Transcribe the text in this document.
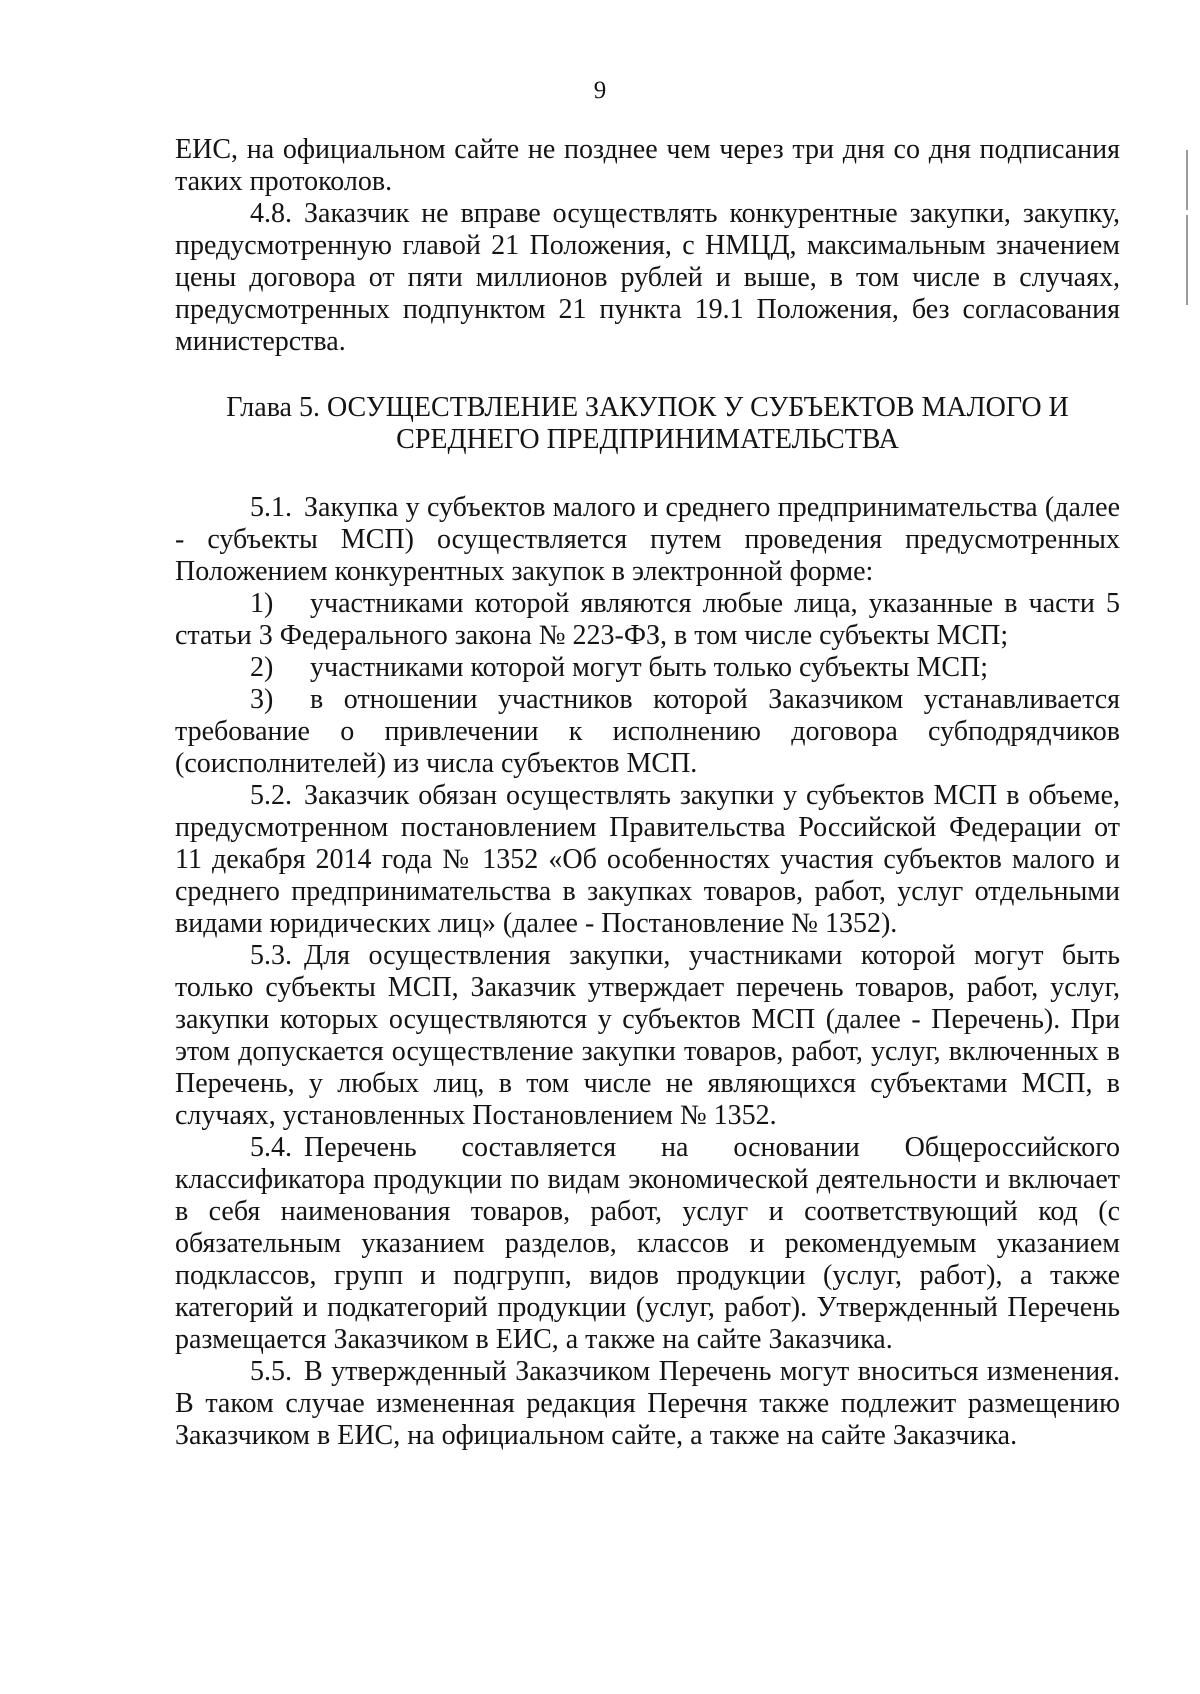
9

ЕИС, на официальном сайте не позднее чем через три дня со дня подписания таких протоколов.

4.8. Заказчик не вправе осуществлять конкурентные закупки, закупку, предусмотренную главой 21 Положения, с НМЦД, максимальным значением цены договора от пяти миллионов рублей и выше, в том числе в случаях, предусмотренных подпунктом 21 пункта 19.1 Положения, без согласования министерства.

Глава 5. ОСУЩЕСТВЛЕНИЕ ЗАКУПОК У СУБЪЕКТОВ МАЛОГО И
СРЕДНЕГО ПРЕДПРИНИМАТЕЛЬСТВА

5.1. Закупка у субъектов малого и среднего предпринимательства (далее - субъекты МСП) осуществляется путем проведения предусмотренных Положением конкурентных закупок в электронной форме:

1) участниками которой являются любые лица, указанные в части 5 статьи 3 Федерального закона № 223-ФЗ, в том числе субъекты МСП;

2) участниками которой могут быть только субъекты МСП;

3) в отношении участников которой Заказчиком устанавливается требование о привлечении к исполнению договора субподрядчиков (соисполнителей) из числа субъектов МСП.

5.2. Заказчик обязан осуществлять закупки у субъектов МСП в объеме, предусмотренном постановлением Правительства Российской Федерации от 11 декабря 2014 года № 1352 «Об особенностях участия субъектов малого и среднего предпринимательства в закупках товаров, работ, услуг отдельными видами юридических лиц» (далее - Постановление № 1352).

5.3. Для осуществления закупки, участниками которой могут быть только субъекты МСП, Заказчик утверждает перечень товаров, работ, услуг, закупки которых осуществляются у субъектов МСП (далее - Перечень). При этом допускается осуществление закупки товаров, работ, услуг, включенных в Перечень, у любых лиц, в том числе не являющихся субъектами МСП, в случаях, установленных Постановлением № 1352.

5.4. Перечень составляется на основании Общероссийского классификатора продукции по видам экономической деятельности и включает в себя наименования товаров, работ, услуг и соответствующий код (с обязательным указанием разделов, классов и рекомендуемым указанием подклассов, групп и подгрупп, видов продукции (услуг, работ), а также категорий и подкатегорий продукции (услуг, работ). Утвержденный Перечень размещается Заказчиком в ЕИС, а также на сайте Заказчика.

5.5. В утвержденный Заказчиком Перечень могут вноситься изменения. В таком случае измененная редакция Перечня также подлежит размещению Заказчиком в ЕИС, на официальном сайте, а также на сайте Заказчика.
